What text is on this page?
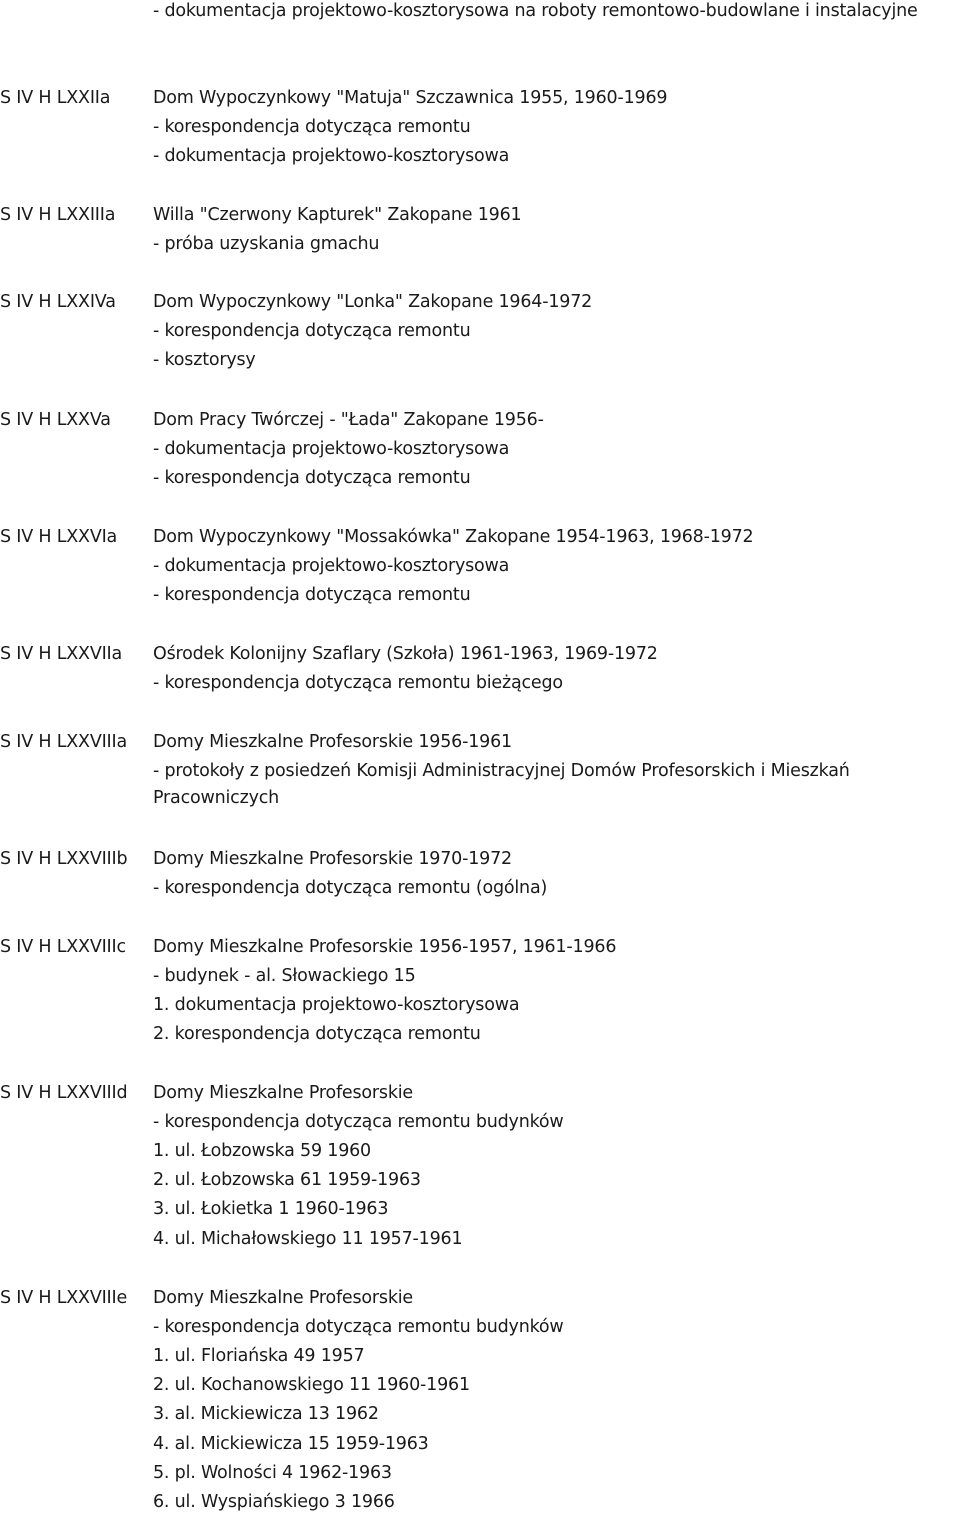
- dokumentacja projektowo-kosztorysowa na roboty remontowo-budowlane i instalacyjne
S IV H LXXIIa Dom Wypoczynkowy "Matuja" Szczawnica 1955, 1960-1969
- korespondencja dotycząca remontu
- dokumentacja projektowo-kosztorysowa
S IV H LXXIIIa Willa "Czerwony Kapturek" Zakopane 1961
- próba uzyskania gmachu
S IV H LXXIVa Dom Wypoczynkowy "Lonka" Zakopane 1964-1972
- korespondencja dotycząca remontu
- kosztorysy
S IV H LXXVa Dom Pracy Twórczej - "Łada" Zakopane 1956-
- dokumentacja projektowo-kosztorysowa
- korespondencja dotycząca remontu
S IV H LXXVIa Dom Wypoczynkowy "Mossakówka" Zakopane 1954-1963, 1968-1972
- dokumentacja projektowo-kosztorysowa
- korespondencja dotycząca remontu
S IV H LXXVIIa Ośrodek Kolonijny Szaflary (Szkoła) 1961-1963, 1969-1972
- korespondencja dotycząca remontu bieżącego
S IV H LXXVIIIa Domy Mieszkalne Profesorskie 1956-1961
- protokoły z posiedzeń Komisji Administracyjnej Domów Profesorskich i Mieszkań
Pracowniczych
S IV H LXXVIIIb Domy Mieszkalne Profesorskie 1970-1972
- korespondencja dotycząca remontu (ogólna)
S IV H LXXVIIIc Domy Mieszkalne Profesorskie 1956-1957, 1961-1966
- budynek - al. Słowackiego 15
1. dokumentacja projektowo-kosztorysowa
2. korespondencja dotycząca remontu
S IV H LXXVIIId Domy Mieszkalne Profesorskie
- korespondencja dotycząca remontu budynków
1. ul. Łobzowska 59 1960
2. ul. Łobzowska 61 1959-1963
3. ul. Łokietka 1 1960-1963
4. ul. Michałowskiego 11 1957-1961
S IV H LXXVIIIe Domy Mieszkalne Profesorskie
- korespondencja dotycząca remontu budynków
1. ul. Floriańska 49 1957
2. ul. Kochanowskiego 11 1960-1961
3. al. Mickiewicza 13 1962
4. al. Mickiewicza 15 1959-1963
5. pl. Wolności 4 1962-1963
6. ul. Wyspiańskiego 3 1966
